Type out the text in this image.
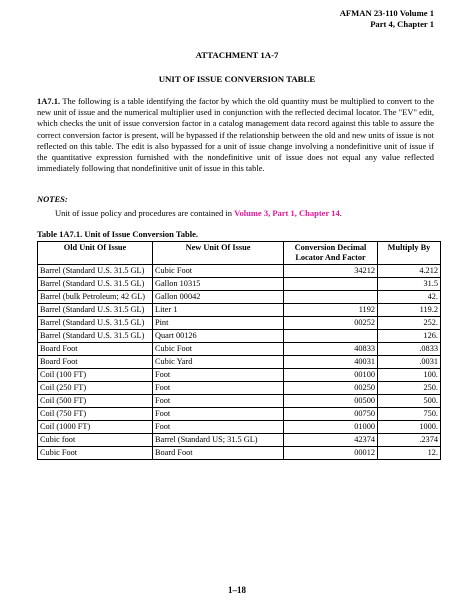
AFMAN 23-110 Volume 1
Part 4, Chapter 1
ATTACHMENT 1A-7
UNIT OF ISSUE CONVERSION TABLE
1A7.1. The following is a table identifying the factor by which the old quantity must be multiplied to convert to the new unit of issue and the numerical multiplier used in conjunction with the reflected decimal locator. The "EV" edit, which checks the unit of issue conversion factor in a catalog management data record against this table to assure the correct conversion factor is present, will be bypassed if the relationship between the old and new units of issue is not reflected on this table. The edit is also bypassed for a unit of issue change involving a nondefinitive unit of issue if the quantitative expression furnished with the nondefinitive unit of issue does not equal any value reflected immediately following that nondefinitive unit of issue in this table.
NOTES:
Unit of issue policy and procedures are contained in Volume 3, Part 1, Chapter 14.
Table 1A7.1. Unit of Issue Conversion Table.
Old Unit Of Issue	New Unit Of Issue	Conversion Decimal Locator And Factor	Multiply By
Barrel (Standard U.S. 31.5 GL)	Cubic Foot	34212	4.212
Barrel (Standard U.S. 31.5 GL)	Gallon 10315		31.5
Barrel (bulk Petroleum; 42 GL)	Gallon 00042		42.
Barrel (Standard U.S. 31.5 GL)	Liter 1	1192	119.2
Barrel (Standard U.S. 31.5 GL)	Pint	00252	252.
Barrel (Standard U.S. 31.5 GL)	Quart 00126		126.
Board Foot	Cubic Foot	40833	.0833
Board Foot	Cubic Yard	40031	.0031
Coil (100 FT)	Foot	00100	100.
Coil (250 FT)	Foot	00250	250.
Coil (500 FT)	Foot	00500	500.
Coil (750 FT)	Foot	00750	750.
Coil (1000 FT)	Foot	01000	1000.
Cubic foot	Barrel (Standard US; 31.5 GL)	42374	.2374
Cubic Foot	Board Foot	00012	12.
1–18
